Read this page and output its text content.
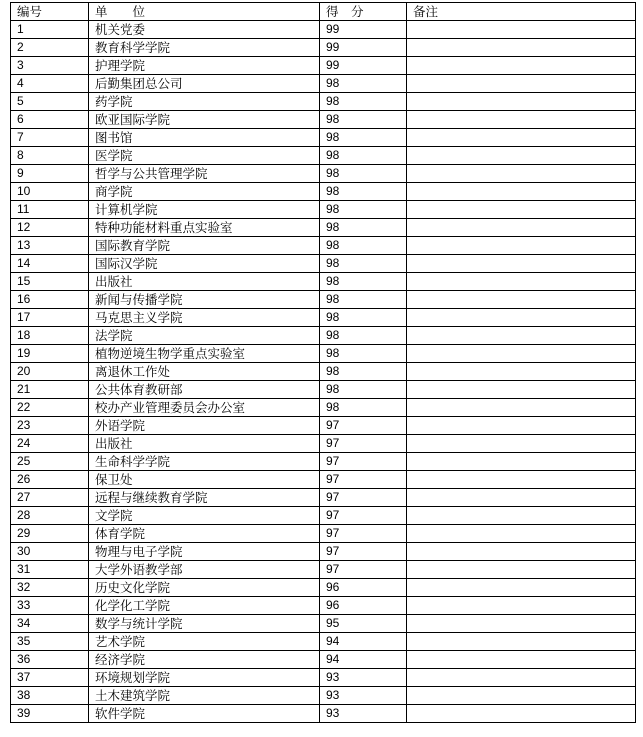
编号	单　　位	得　分	备注
1	机关党委	99	
2	教育科学学院	99	
3	护理学院	99	
4	后勤集团总公司	98	
5	药学院	98	
6	欧亚国际学院	98	
7	图书馆	98	
8	医学院	98	
9	哲学与公共管理学院	98	
10	商学院	98	
11	计算机学院	98	
12	特种功能材料重点实验室	98	
13	国际教育学院	98	
14	国际汉学院	98	
15	出版社	98	
16	新闻与传播学院	98	
17	马克思主义学院	98	
18	法学院	98	
19	植物逆境生物学重点实验室	98	
20	离退休工作处	98	
21	公共体育教研部	98	
22	校办产业管理委员会办公室	98	
23	外语学院	97	
24	出版社	97	
25	生命科学学院	97	
26	保卫处	97	
27	远程与继续教育学院	97	
28	文学院	97	
29	体育学院	97	
30	物理与电子学院	97	
31	大学外语教学部	97	
32	历史文化学院	96	
33	化学化工学院	96	
34	数学与统计学院	95	
35	艺术学院	94	
36	经济学院	94	
37	环境规划学院	93	
38	土木建筑学院	93	
39	软件学院	93	
